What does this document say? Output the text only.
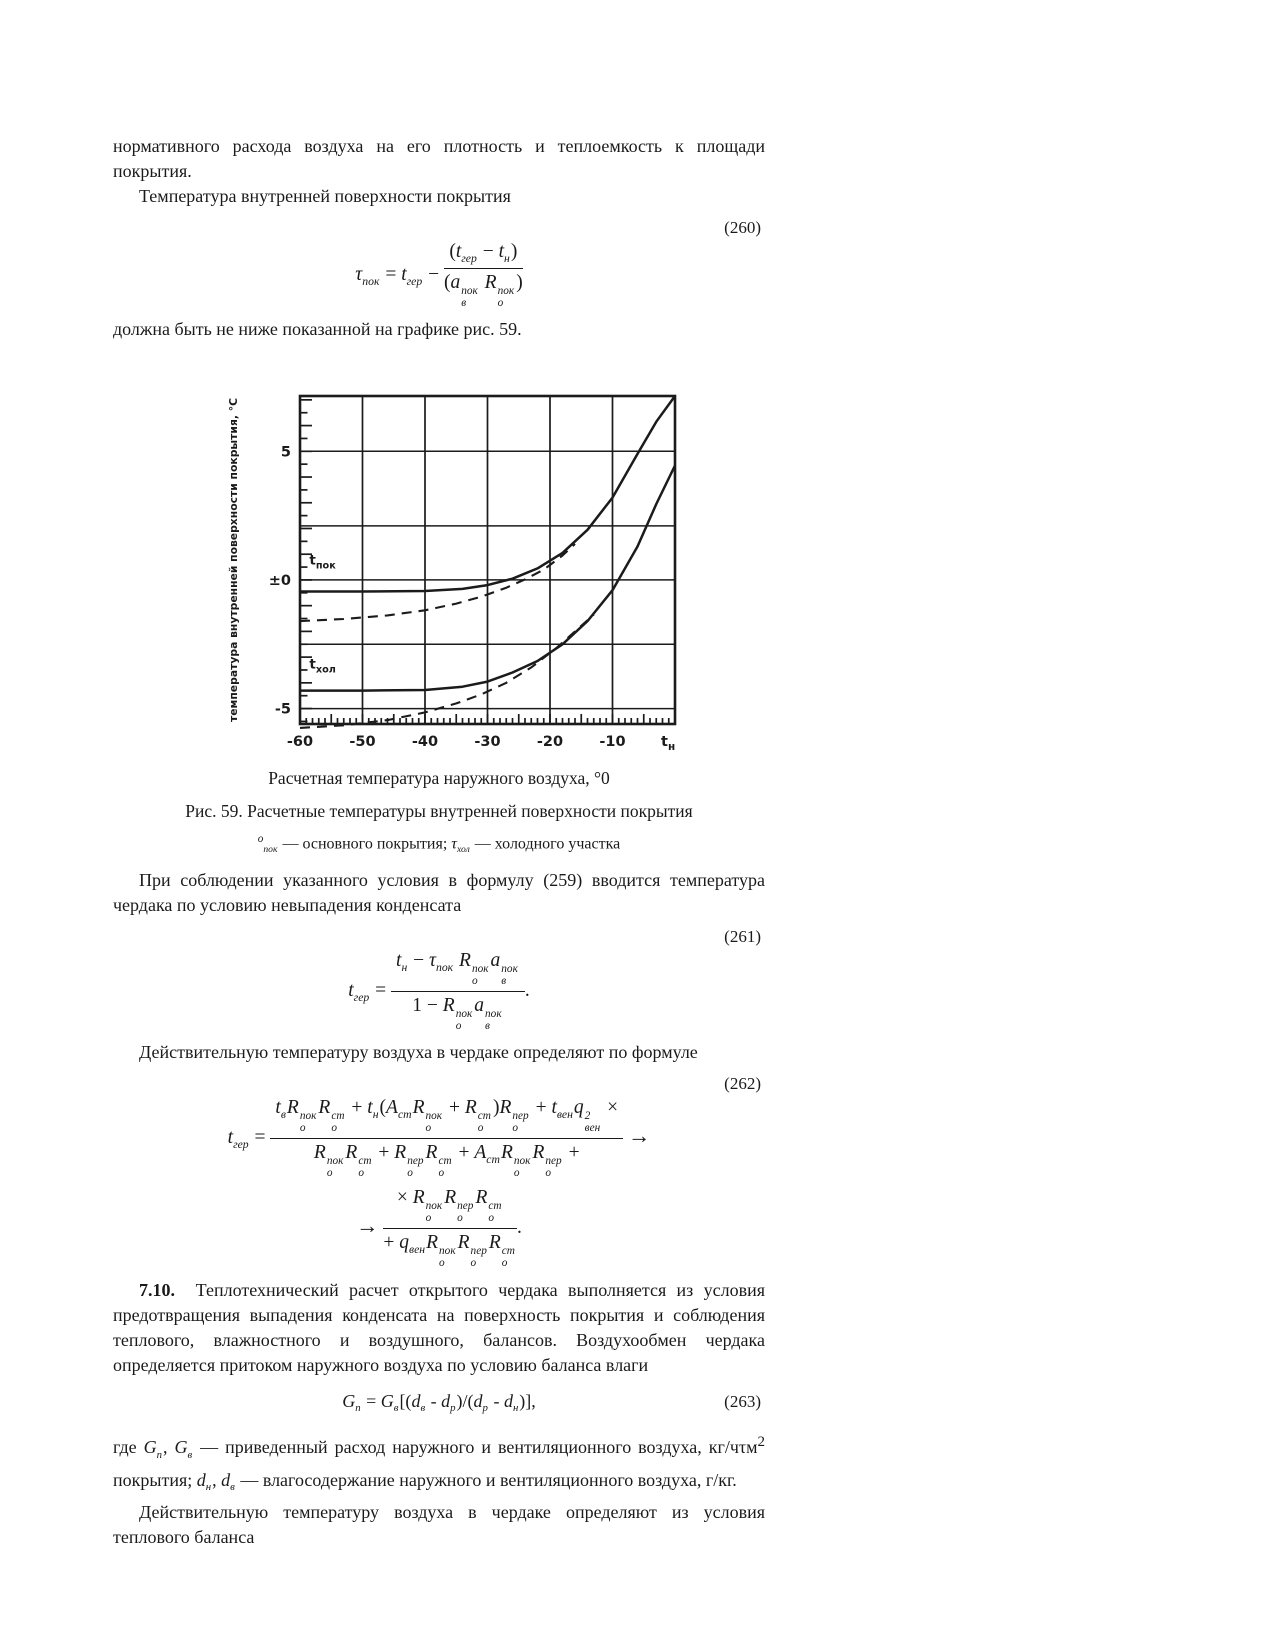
нормативного расхода воздуха на его плотность и теплоемкость к площади покрытия.

Температура внутренней поверхности покрытия

(260)
$\tau_{пок} = t_{гер}$ −
$(t_{гер} - t_н)$
(a пок
в
R пок
о
)

должна быть не ниже показанной на графике рис. 59.

5
±0
-5
-60	-50	-40	-30	-20	-10 $t_н$
$t_{пок}$
$t_{хол}$
температура внутренней поверхности покрытия, °С
Расчетная температура наружного воздуха, °0
Рис. 59. Расчетные температуры внутренней поверхности покрытия
$^о_{пок}$ — основного покрытия; $\tau_{хол}$ — холодного участка

При соблюдении указанного условия в формулу (259) вводится температура чердака по условию невыпадения конденсата

(261)
$t_{гер}$ =
$t_н - \tau_{пок}$ R пок
о
a пок
в
1 − R пок
о
a пок
в
.

Действительную температуру воздуха в чердаке определяют по формуле

(262)
$t_{гер}$ =
$t_вR$ пок
о
R ст
о
+ $t_н(A_{ст}R$ пок
о
+ R ст
о
)R пер
о
+ $t_{вен}q$ 2
вен
×
R пок
о
R ст
о
+ R пер
о
R ст
о
+ $A_{ст}R$ пок
о
R пер
о
+
→
→
× R пок
о
R пер
о
R ст
о
+ $q_{вен}R$ пок
о
R пер
о
R ст
о
.

7.10.  Теплотехнический расчет открытого чердака выполняется из условия предотвращения выпадения конденсата на поверхность покрытия и соблюдения теплового, влажностного и воздушного, балансов. Воздухообмен чердака определяется притоком наружного воздуха по условию баланса влаги

$G_п = G_в[(d_в - d_р)/(d_р - d_н)]$,	(263)

где $G_п$, $G_в$ — приведенный расход наружного и вентиляционного воздуха, кг/чτм$^2$ покрытия; $d_н$, $d_в$ — влагосодержание наружного и вентиляционного воздуха, г/кг.

Действительную температуру воздуха в чердаке определяют из условия теплового баланса
